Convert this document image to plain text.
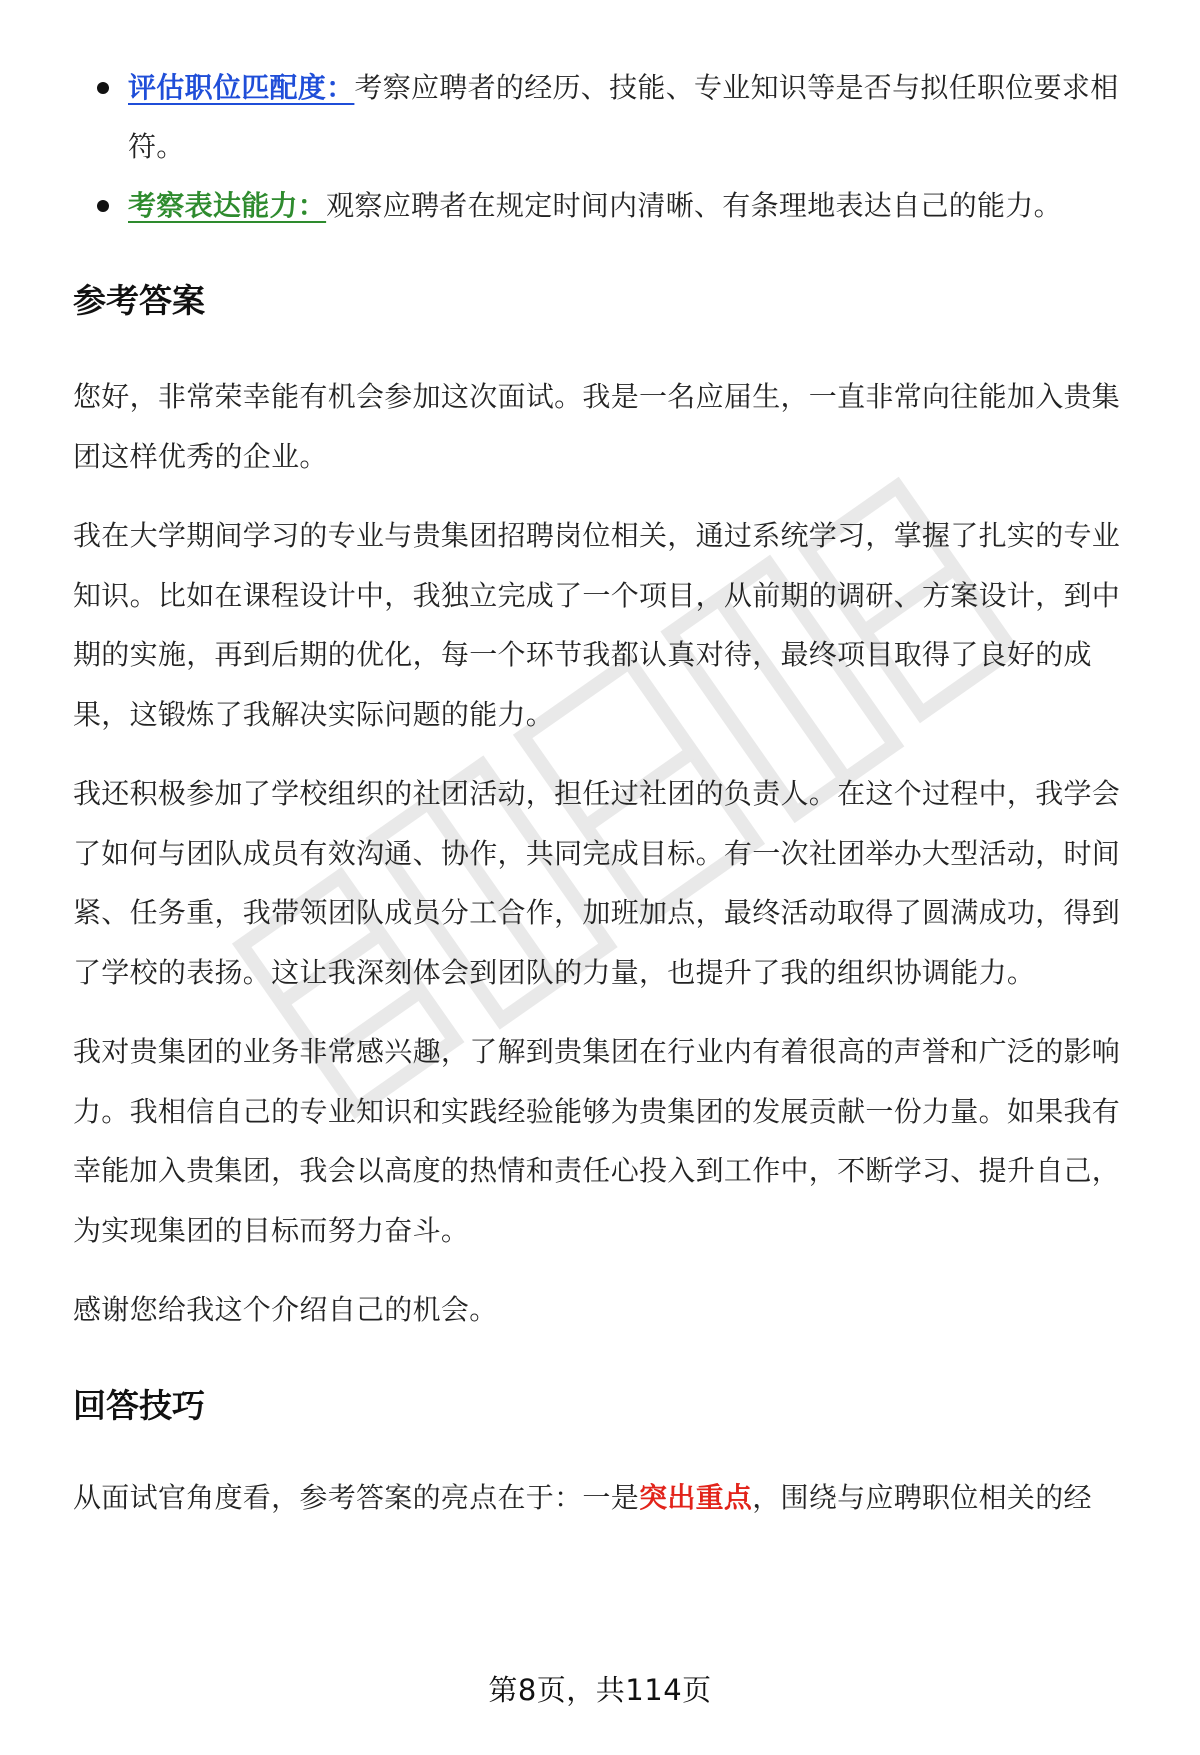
评估职位匹配度：考察应聘者的经历、技能、专业知识等是否与拟任职位要求相符。
考察表达能力：观察应聘者在规定时间内清晰、有条理地表达自己的能力。
参考答案

您好，非常荣幸能有机会参加这次面试。我是一名应届生，一直非常向往能加入贵集团这样优秀的企业。

我在大学期间学习的专业与贵集团招聘岗位相关，通过系统学习，掌握了扎实的专业知识。比如在课程设计中，我独立完成了一个项目，从前期的调研、方案设计，到中期的实施，再到后期的优化，每一个环节我都认真对待，最终项目取得了良好的成果，这锻炼了我解决实际问题的能力。

我还积极参加了学校组织的社团活动，担任过社团的负责人。在这个过程中，我学会了如何与团队成员有效沟通、协作，共同完成目标。有一次社团举办大型活动，时间紧、任务重，我带领团队成员分工合作，加班加点，最终活动取得了圆满成功，得到了学校的表扬。这让我深刻体会到团队的力量，也提升了我的组织协调能力。

我对贵集团的业务非常感兴趣，了解到贵集团在行业内有着很高的声誉和广泛的影响力。我相信自己的专业知识和实践经验能够为贵集团的发展贡献一份力量。如果我有幸能加入贵集团，我会以高度的热情和责任心投入到工作中，不断学习、提升自己，为实现集团的目标而努力奋斗。

感谢您给我这个介绍自己的机会。

回答技巧

从面试官角度看，参考答案的亮点在于：一是突出重点，围绕与应聘职位相关的经

第8页，共114页
